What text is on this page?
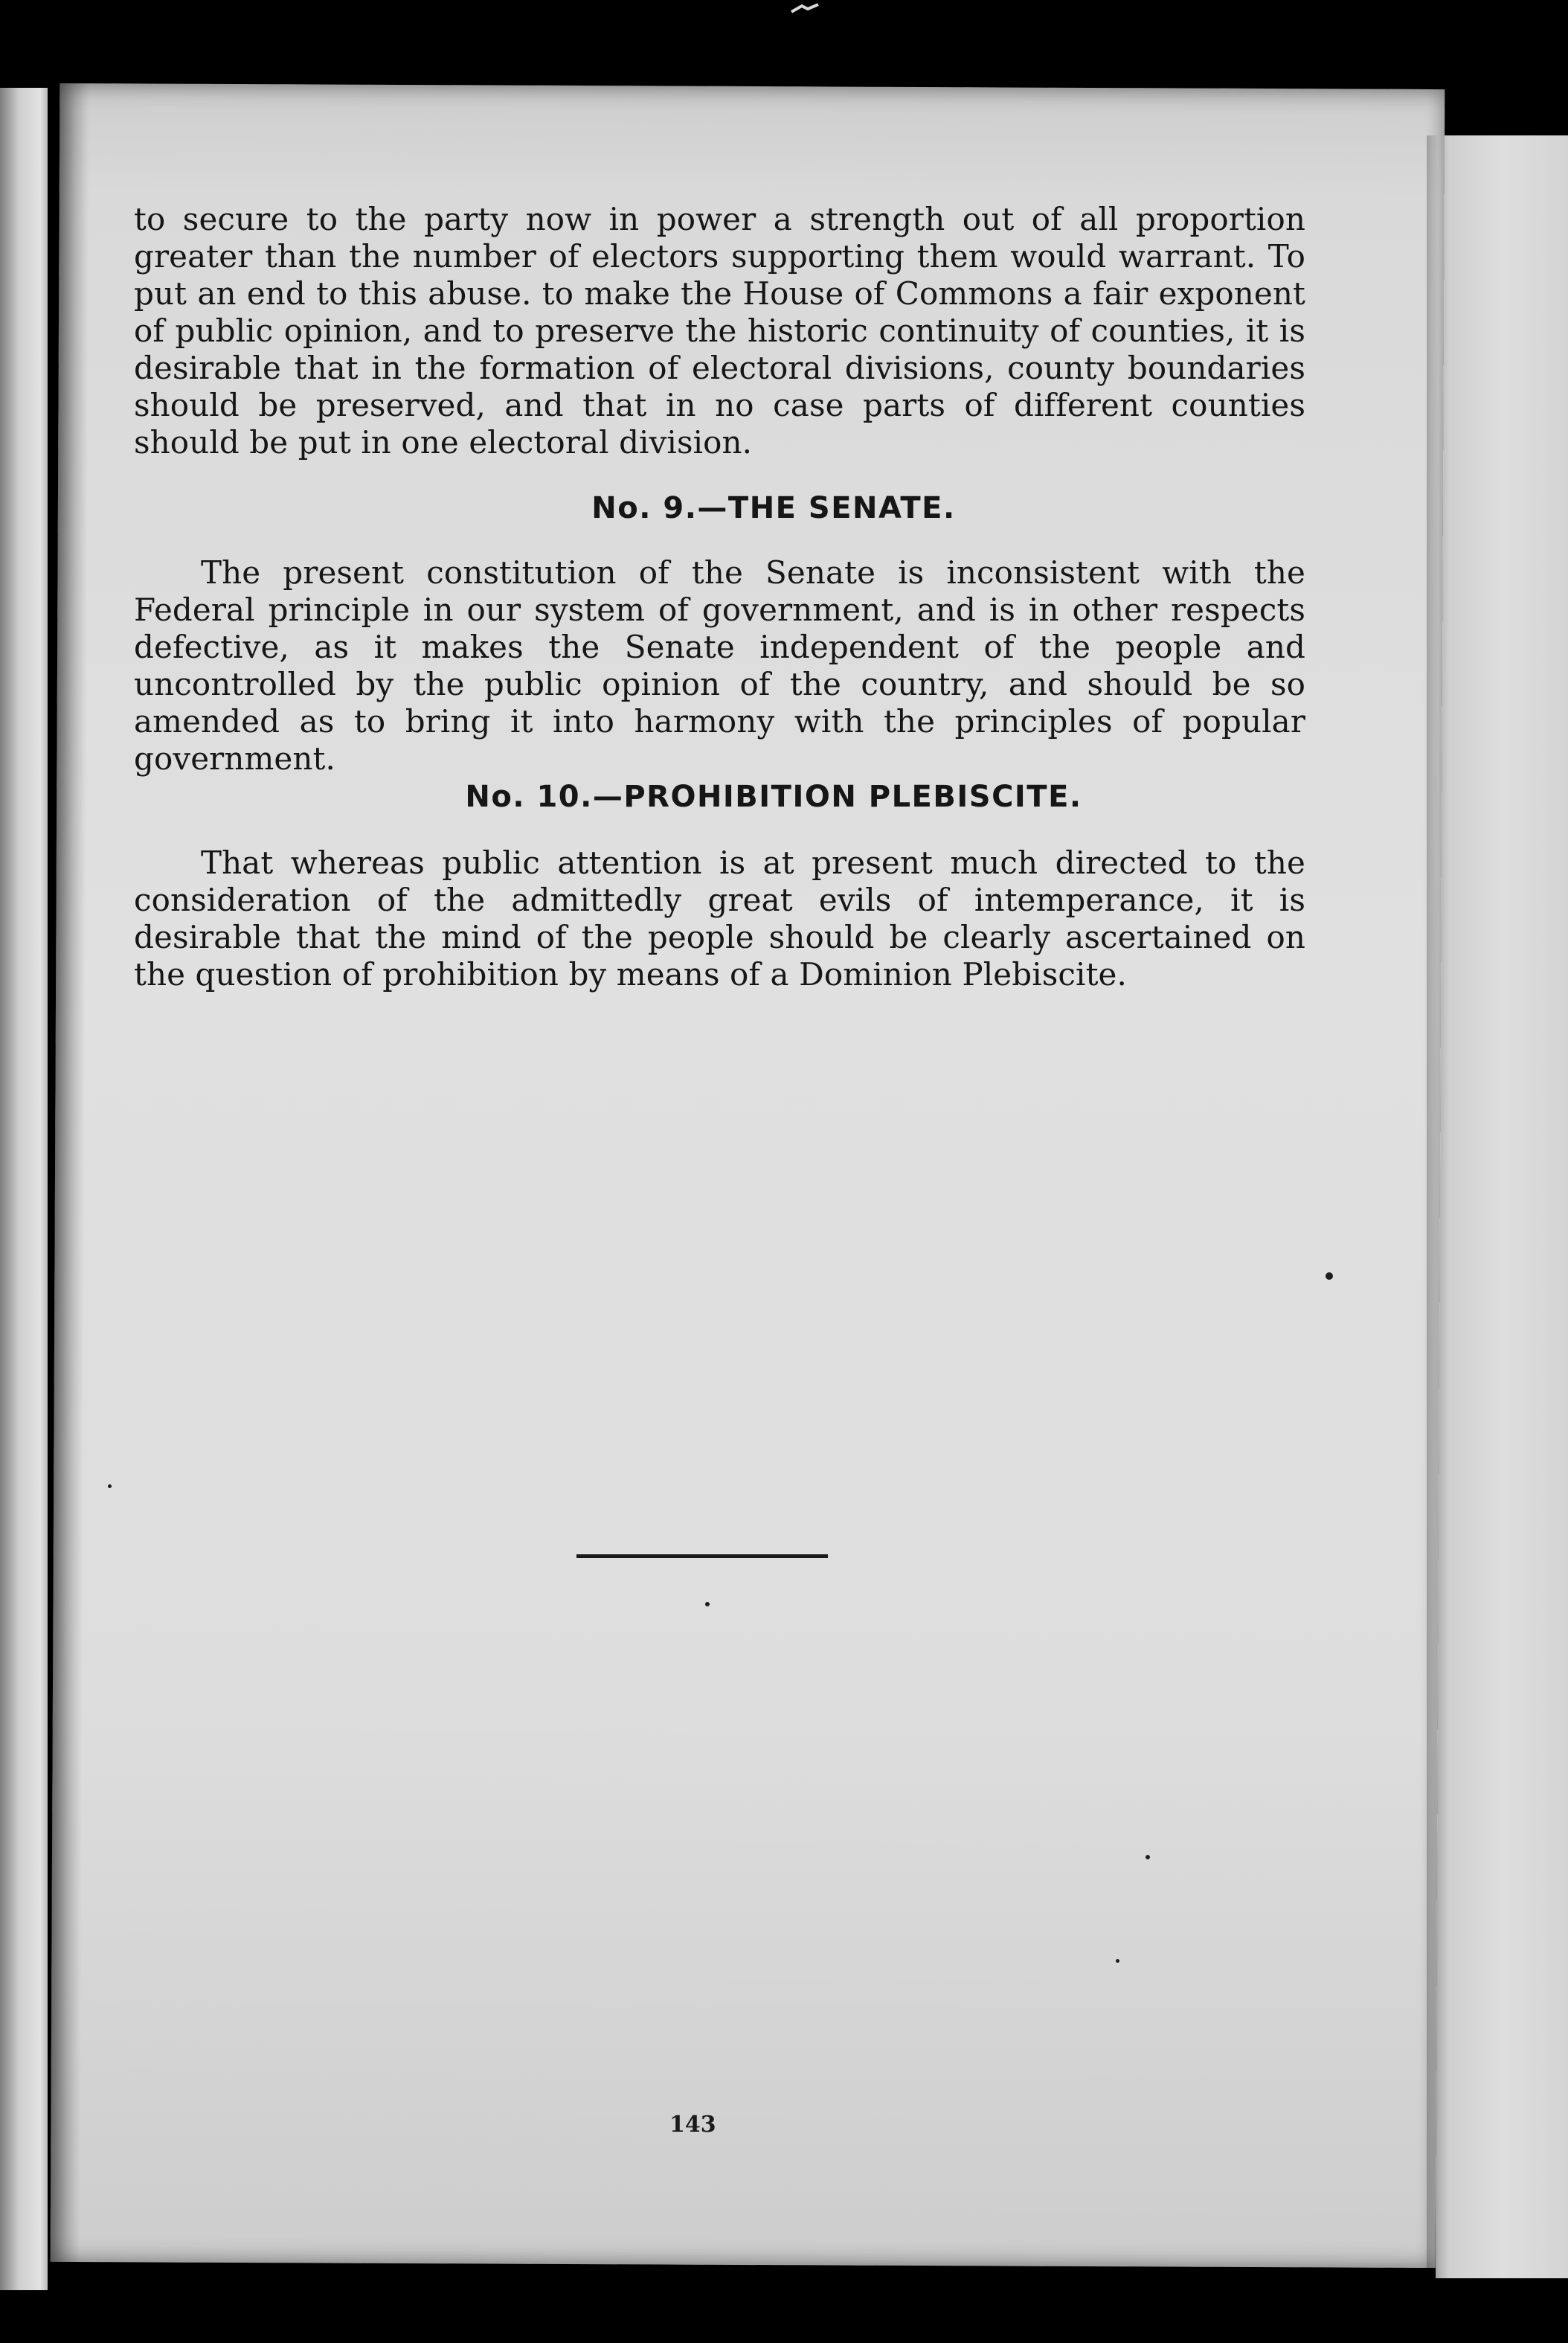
to secure to the party now in power a strength out of all proportion greater than the number of electors supporting them would warrant. To put an end to this abuse. to make the House of Commons a fair exponent of public opinion, and to preserve the historic continuity of counties, it is desirable that in the formation of electoral divisions, county boundaries should be preserved, and that in no case parts of different counties should be put in one electoral division.

No. 9.—THE SENATE.

The present constitution of the Senate is inconsistent with the Federal principle in our system of government, and is in other respects defective, as it makes the Senate independent of the people and uncontrolled by the public opinion of the country, and should be so amended as to bring it into harmony with the principles of popular government.

No. 10.—PROHIBITION PLEBISCITE.

That whereas public attention is at present much directed to the consideration of the admittedly great evils of intemperance, it is desirable that the mind of the people should be clearly ascertained on the question of prohibition by means of a Dominion Plebiscite.

143
